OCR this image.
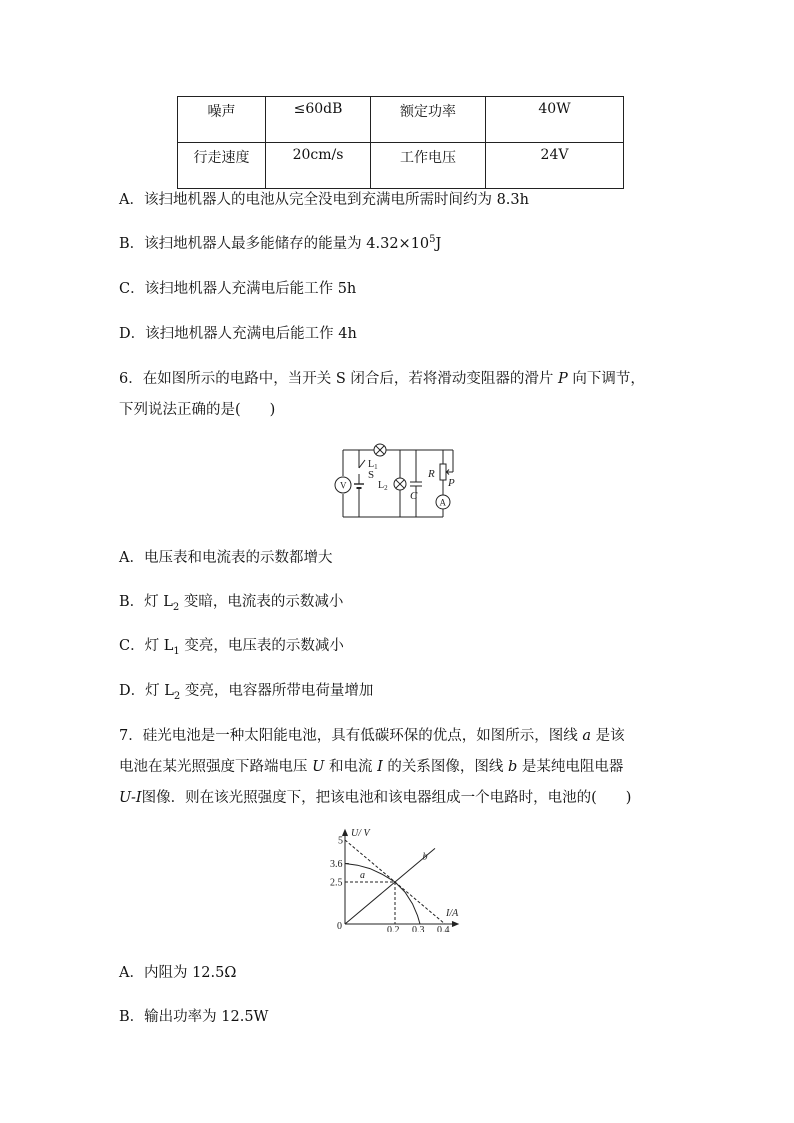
噪声	≤60dB	额定功率	40W
行走速度	20cm/s	工作电压	24V
A．该扫地机器人的电池从完全没电到充满电所需时间约为 8.3h
B．该扫地机器人最多能储存的能量为 $4.32\times 10^5J$
C．该扫地机器人充满电后能工作 5h
D．该扫地机器人充满电后能工作 4h
6．在如图所示的电路中，当开关 S 闭合后，若将滑动变阻器的滑片 P 向下调节，
下列说法正确的是(　　)
$L_1$
S
$L_2$
C
R
P
V
A
A．电压表和电流表的示数都增大
B．灯 $L_2$ 变暗，电流表的示数减小
C．灯 $L_1$ 变亮，电压表的示数减小
D．灯 $L_2$ 变亮，电容器所带电荷量增加
7．硅光电池是一种太阳能电池，具有低碳环保的优点，如图所示，图线 a 是该
电池在某光照强度下路端电压 U 和电流 I 的关系图像，图线 b 是某纯电阻电器
U-I图像．则在该光照强度下，把该电池和该电器组成一个电路时，电池的(　　)
U/ V
I/A
0	0.2 0.3 0.4
5
3.6
2.5
a
b
A．内阻为 12.5Ω
B．输出功率为 12.5W
